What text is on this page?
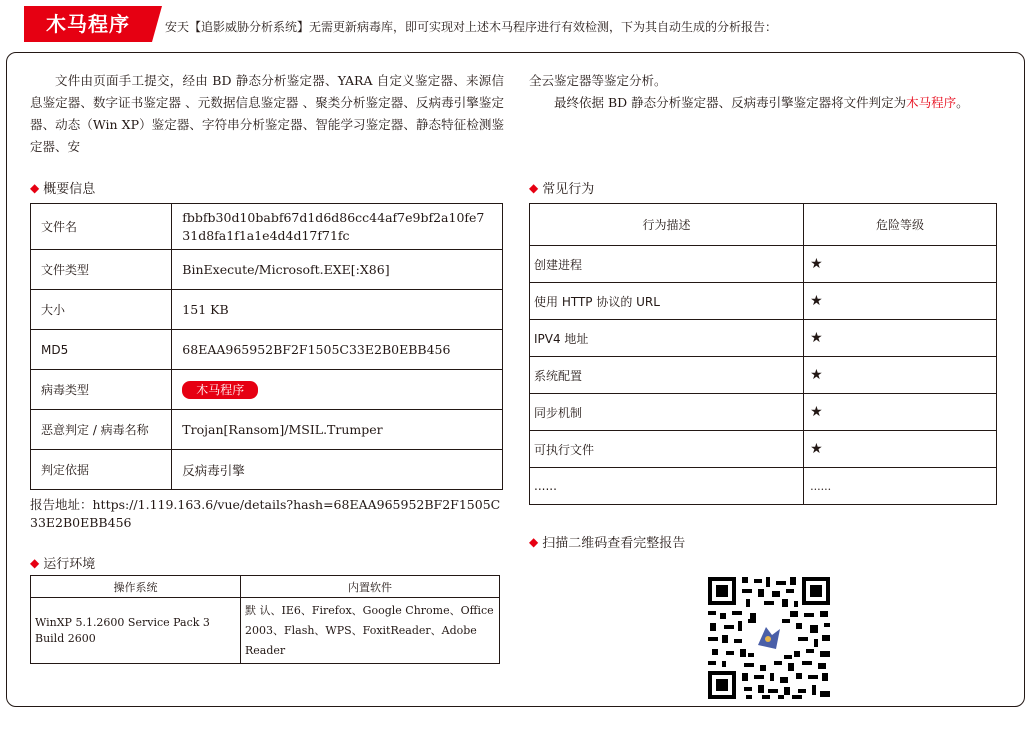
木马程序	安天【追影威胁分析系统】无需更新病毒库，即可实现对上述木马程序进行有效检测，下为其自动生成的分析报告：
文件由页面手工提交，经由 BD 静态分析鉴定器、YARA 自定义鉴定器、来源信息鉴定器、数字证书鉴定器 、元数据信息鉴定器 、聚类分析鉴定器、反病毒引擎鉴定器、动态（Win XP）鉴定器、字符串分析鉴定器、智能学习鉴定器、静态特征检测鉴定器、安
全云鉴定器等鉴定分析。
最终依据 BD 静态分析鉴定器、反病毒引擎鉴定器将文件判定为木马程序。
◆ 概要信息
文件名	fbbfb30d10babf67d1d6d86cc44af7e9bf2a10fe731d8fa1f1a1e4d4d17f71fc
文件类型	BinExecute/Microsoft.EXE[:X86]
大小	151 KB
MD5	68EAA965952BF2F1505C33E2B0EBB456
病毒类型	木马程序
恶意判定 / 病毒名称	Trojan[Ransom]/MSIL.Trumper
判定依据	反病毒引擎
报告地址：https://1.119.163.6/vue/details?hash=68EAA965952BF2F1505C33E2B0EBB456
◆ 运行环境
操作系统	内置软件
WinXP 5.1.2600 Service Pack 3 Build 2600	默 认、IE6、Firefox、Google Chrome、Office 2003、Flash、WPS、FoxitReader、Adobe Reader
◆ 常见行为
行为描述	危险等级
创建进程	★
使用 HTTP 协议的 URL	★
IPV4 地址	★
系统配置	★
同步机制	★
可执行文件	★
......	......
◆ 扫描二维码查看完整报告
